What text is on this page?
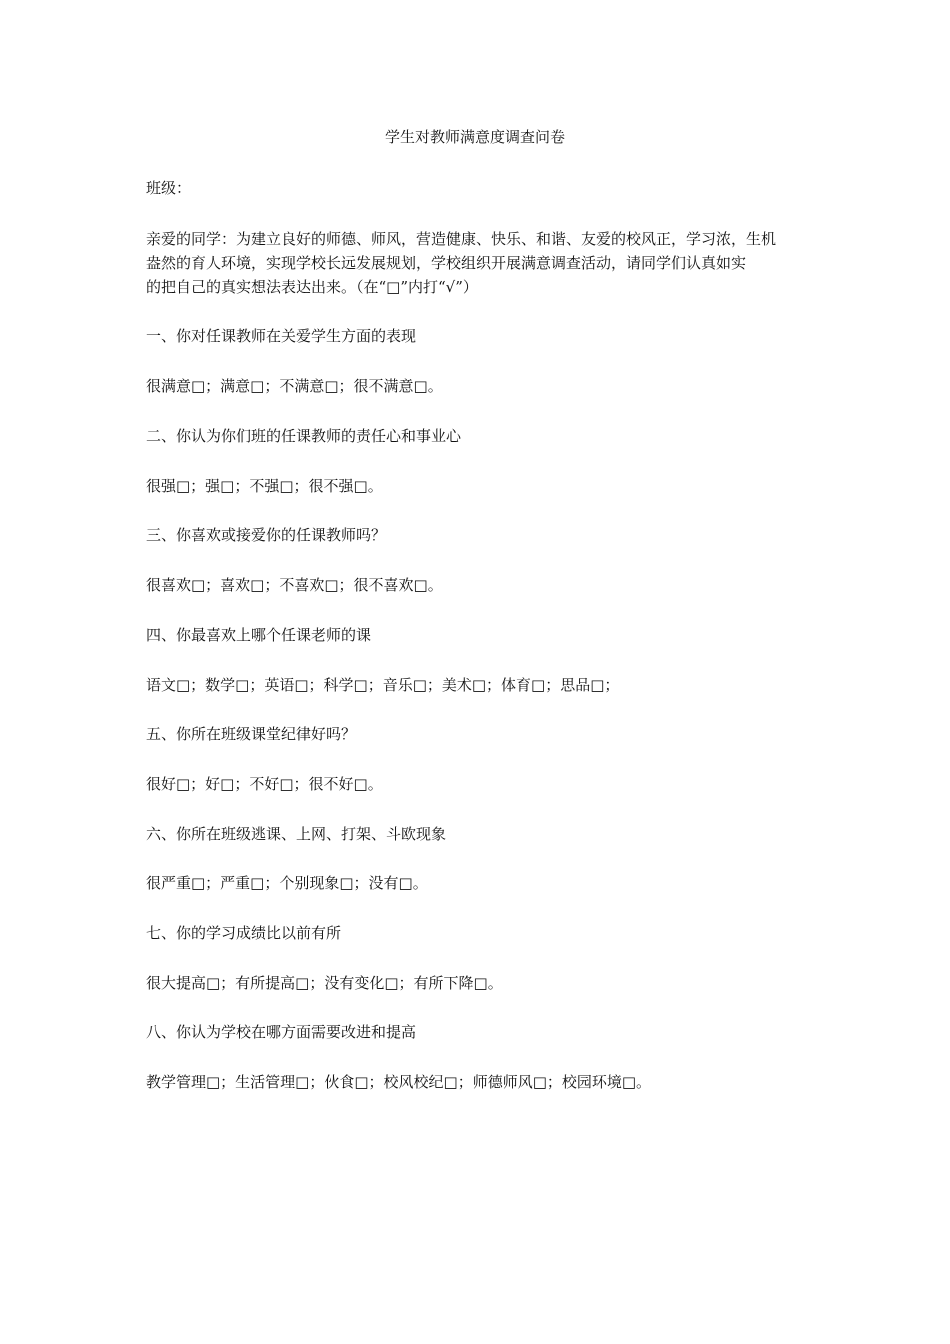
学生对教师满意度调查问卷
班级：
亲爱的同学：为建立良好的师德、师风，营造健康、快乐、和谐、友爱的校风正，学习浓，生机
盎然的育人环境，实现学校长远发展规划，学校组织开展满意调查活动，请同学们认真如实
的把自己的真实想法表达出来。（在“□”内打“√”）
一、你对任课教师在关爱学生方面的表现
很满意□；满意□；不满意□；很不满意□。
二、你认为你们班的任课教师的责任心和事业心
很强□；强□；不强□；很不强□。
三、你喜欢或接爱你的任课教师吗？
很喜欢□；喜欢□；不喜欢□；很不喜欢□。
四、你最喜欢上哪个任课老师的课
语文□；数学□；英语□；科学□；音乐□；美术□；体育□；思品□；
五、你所在班级课堂纪律好吗？
很好□；好□；不好□；很不好□。
六、你所在班级逃课、上网、打架、斗欧现象
很严重□；严重□；个别现象□；没有□。
七、你的学习成绩比以前有所
很大提高□；有所提高□；没有变化□；有所下降□。
八、你认为学校在哪方面需要改进和提高
教学管理□；生活管理□；伙食□；校风校纪□；师德师风□；校园环境□。
